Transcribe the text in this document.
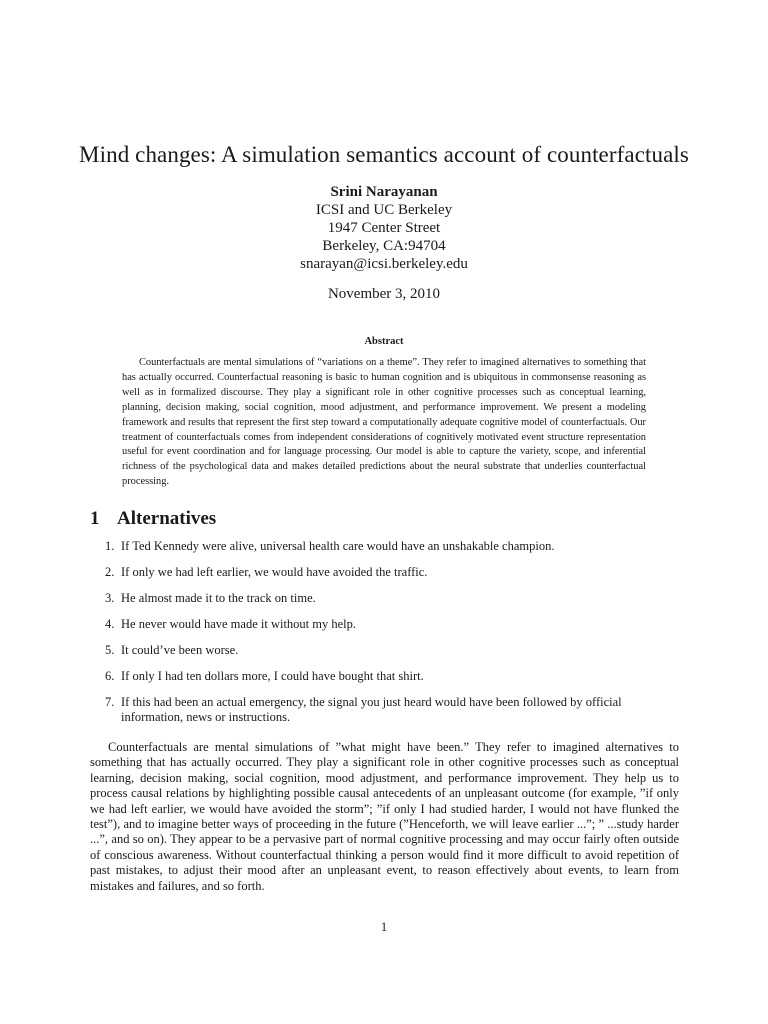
Mind changes: A simulation semantics account of counterfactuals
Srini Narayanan
ICSI and UC Berkeley
1947 Center Street
Berkeley, CA:94704
snarayan@icsi.berkeley.edu
November 3, 2010
Abstract
Counterfactuals are mental simulations of “variations on a theme”. They refer to imagined alternatives to something that has actually occurred. Counterfactual reasoning is basic to human cognition and is ubiquitous in commonsense reasoning as well as in formalized discourse. They play a significant role in other cognitive processes such as conceptual learning, planning, decision making, social cognition, mood adjustment, and performance improvement. We present a modeling framework and results that represent the first step toward a computationally adequate cognitive model of counterfactuals. Our treatment of counterfactuals comes from independent considerations of cognitively motivated event structure representation useful for event coordination and for language processing. Our model is able to capture the variety, scope, and inferential richness of the psychological data and makes detailed predictions about the neural substrate that underlies counterfactual processing.
1 Alternatives
1. If Ted Kennedy were alive, universal health care would have an unshakable champion.
2. If only we had left earlier, we would have avoided the traffic.
3. He almost made it to the track on time.
4. He never would have made it without my help.
5. It could’ve been worse.
6. If only I had ten dollars more, I could have bought that shirt.
7. If this had been an actual emergency, the signal you just heard would have been followed by official information, news or instructions.

Counterfactuals are mental simulations of ”what might have been.” They refer to imagined alternatives to something that has actually occurred. They play a significant role in other cognitive processes such as conceptual learning, decision making, social cognition, mood adjustment, and performance improvement. They help us to process causal relations by highlighting possible causal antecedents of an unpleasant outcome (for example, ”if only we had left earlier, we would have avoided the storm”; ”if only I had studied harder, I would not have flunked the test”), and to imagine better ways of proceeding in the future (”Henceforth, we will leave earlier ...”; ” ...study harder ...”, and so on). They appear to be a pervasive part of normal cognitive processing and may occur fairly often outside of conscious awareness. Without counterfactual thinking a person would find it more difficult to avoid repetition of past mistakes, to adjust their mood after an unpleasant event, to reason effectively about events, to learn from mistakes and failures, and so forth.

1
